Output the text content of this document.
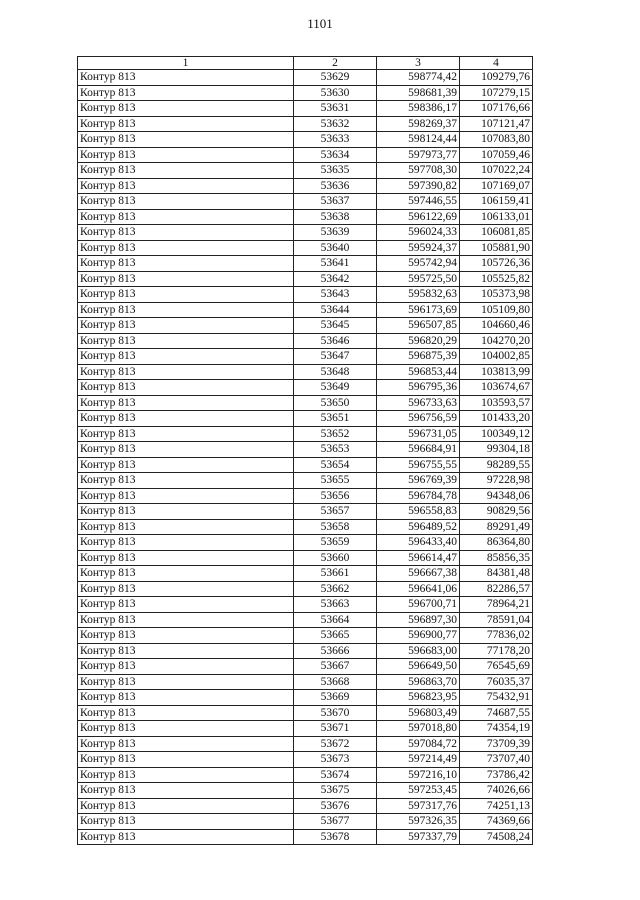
1101
1	2	3	4
Контур 813	53629	598774,42	109279,76
Контур 813	53630	598681,39	107279,15
Контур 813	53631	598386,17	107176,66
Контур 813	53632	598269,37	107121,47
Контур 813	53633	598124,44	107083,80
Контур 813	53634	597973,77	107059,46
Контур 813	53635	597708,30	107022,24
Контур 813	53636	597390,82	107169,07
Контур 813	53637	597446,55	106159,41
Контур 813	53638	596122,69	106133,01
Контур 813	53639	596024,33	106081,85
Контур 813	53640	595924,37	105881,90
Контур 813	53641	595742,94	105726,36
Контур 813	53642	595725,50	105525,82
Контур 813	53643	595832,63	105373,98
Контур 813	53644	596173,69	105109,80
Контур 813	53645	596507,85	104660,46
Контур 813	53646	596820,29	104270,20
Контур 813	53647	596875,39	104002,85
Контур 813	53648	596853,44	103813,99
Контур 813	53649	596795,36	103674,67
Контур 813	53650	596733,63	103593,57
Контур 813	53651	596756,59	101433,20
Контур 813	53652	596731,05	100349,12
Контур 813	53653	596684,91	99304,18
Контур 813	53654	596755,55	98289,55
Контур 813	53655	596769,39	97228,98
Контур 813	53656	596784,78	94348,06
Контур 813	53657	596558,83	90829,56
Контур 813	53658	596489,52	89291,49
Контур 813	53659	596433,40	86364,80
Контур 813	53660	596614,47	85856,35
Контур 813	53661	596667,38	84381,48
Контур 813	53662	596641,06	82286,57
Контур 813	53663	596700,71	78964,21
Контур 813	53664	596897,30	78591,04
Контур 813	53665	596900,77	77836,02
Контур 813	53666	596683,00	77178,20
Контур 813	53667	596649,50	76545,69
Контур 813	53668	596863,70	76035,37
Контур 813	53669	596823,95	75432,91
Контур 813	53670	596803,49	74687,55
Контур 813	53671	597018,80	74354,19
Контур 813	53672	597084,72	73709,39
Контур 813	53673	597214,49	73707,40
Контур 813	53674	597216,10	73786,42
Контур 813	53675	597253,45	74026,66
Контур 813	53676	597317,76	74251,13
Контур 813	53677	597326,35	74369,66
Контур 813	53678	597337,79	74508,24
